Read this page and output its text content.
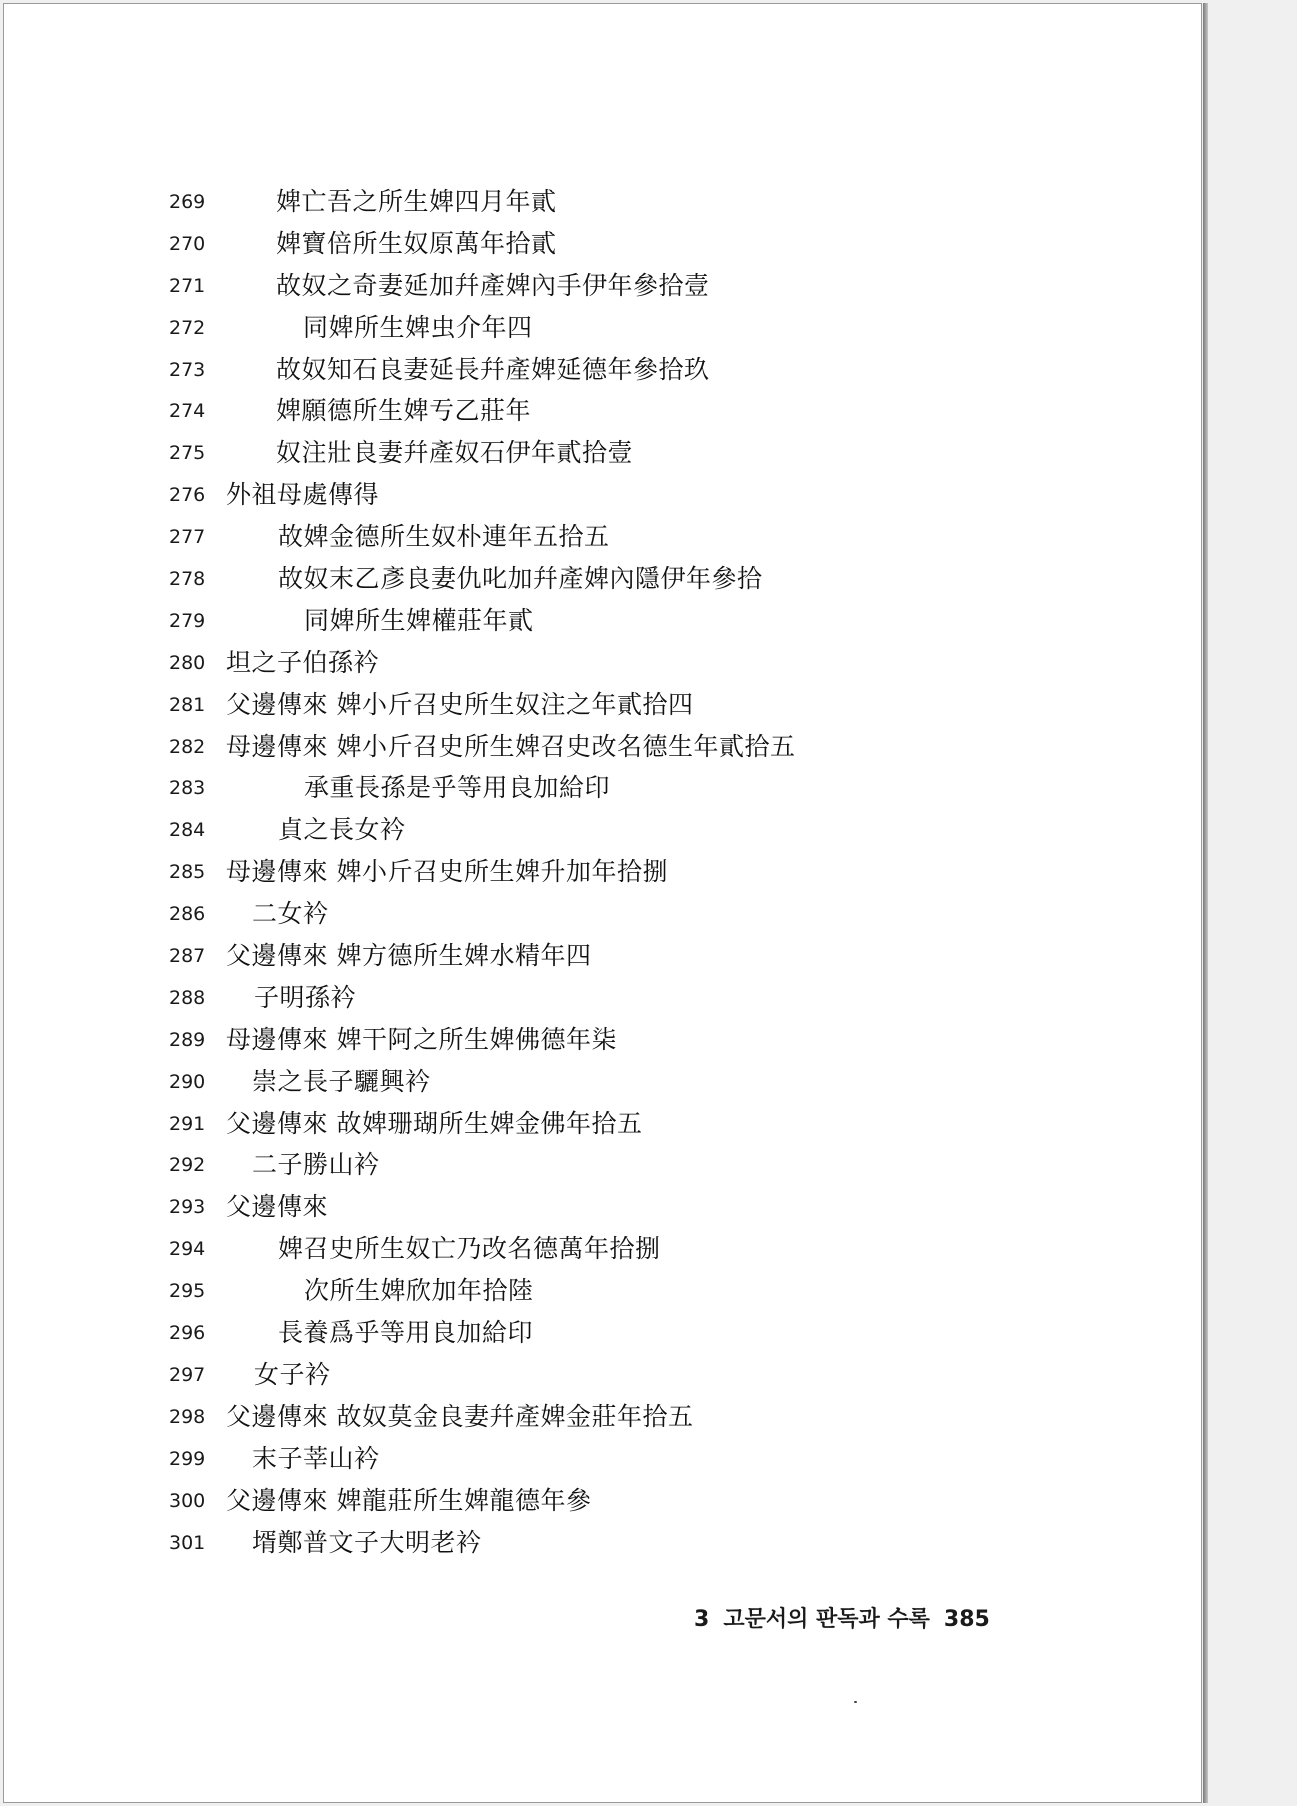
269	婢亡吾之所生婢四月年貳
270	婢寶倍所生奴原萬年拾貳
271	故奴之奇妻延加幷產婢內手伊年參拾壹
272	同婢所生婢虫介年四
273	故奴知石良妻延長幷產婢延德年參拾玖
274	婢願德所生婢亐乙莊年
275	奴注壯良妻幷產奴石伊年貳拾壹
276 外祖母處傳得
277	故婢金德所生奴朴連年五拾五
278	故奴末乙彥良妻仇叱加幷產婢內隱伊年參拾
279	同婢所生婢權莊年貳
280 坦之子伯孫衿
281 父邊傳來 婢小斤召史所生奴注之年貳拾四
282 母邊傳來 婢小斤召史所生婢召史改名德生年貳拾五
283	承重長孫是乎等用良加給印
284	貞之長女衿
285 母邊傳來 婢小斤召史所生婢升加年拾捌
286 二女衿
287 父邊傳來 婢方德所生婢水精年四
288 子明孫衿
289 母邊傳來 婢干阿之所生婢佛德年柒
290 崇之長子驪興衿
291 父邊傳來 故婢珊瑚所生婢金佛年拾五
292 二子勝山衿
293 父邊傳來
294	婢召史所生奴亡乃改名德萬年拾捌
295	次所生婢欣加年拾陸
296	長養爲乎等用良加給印
297 女子衿
298 父邊傳來 故奴莫金良妻幷產婢金莊年拾五
299 末子莘山衿
300 父邊傳來 婢龍莊所生婢龍德年參
301 壻鄭普文子大明老衿
3 고문서의 판독과 수록 385
